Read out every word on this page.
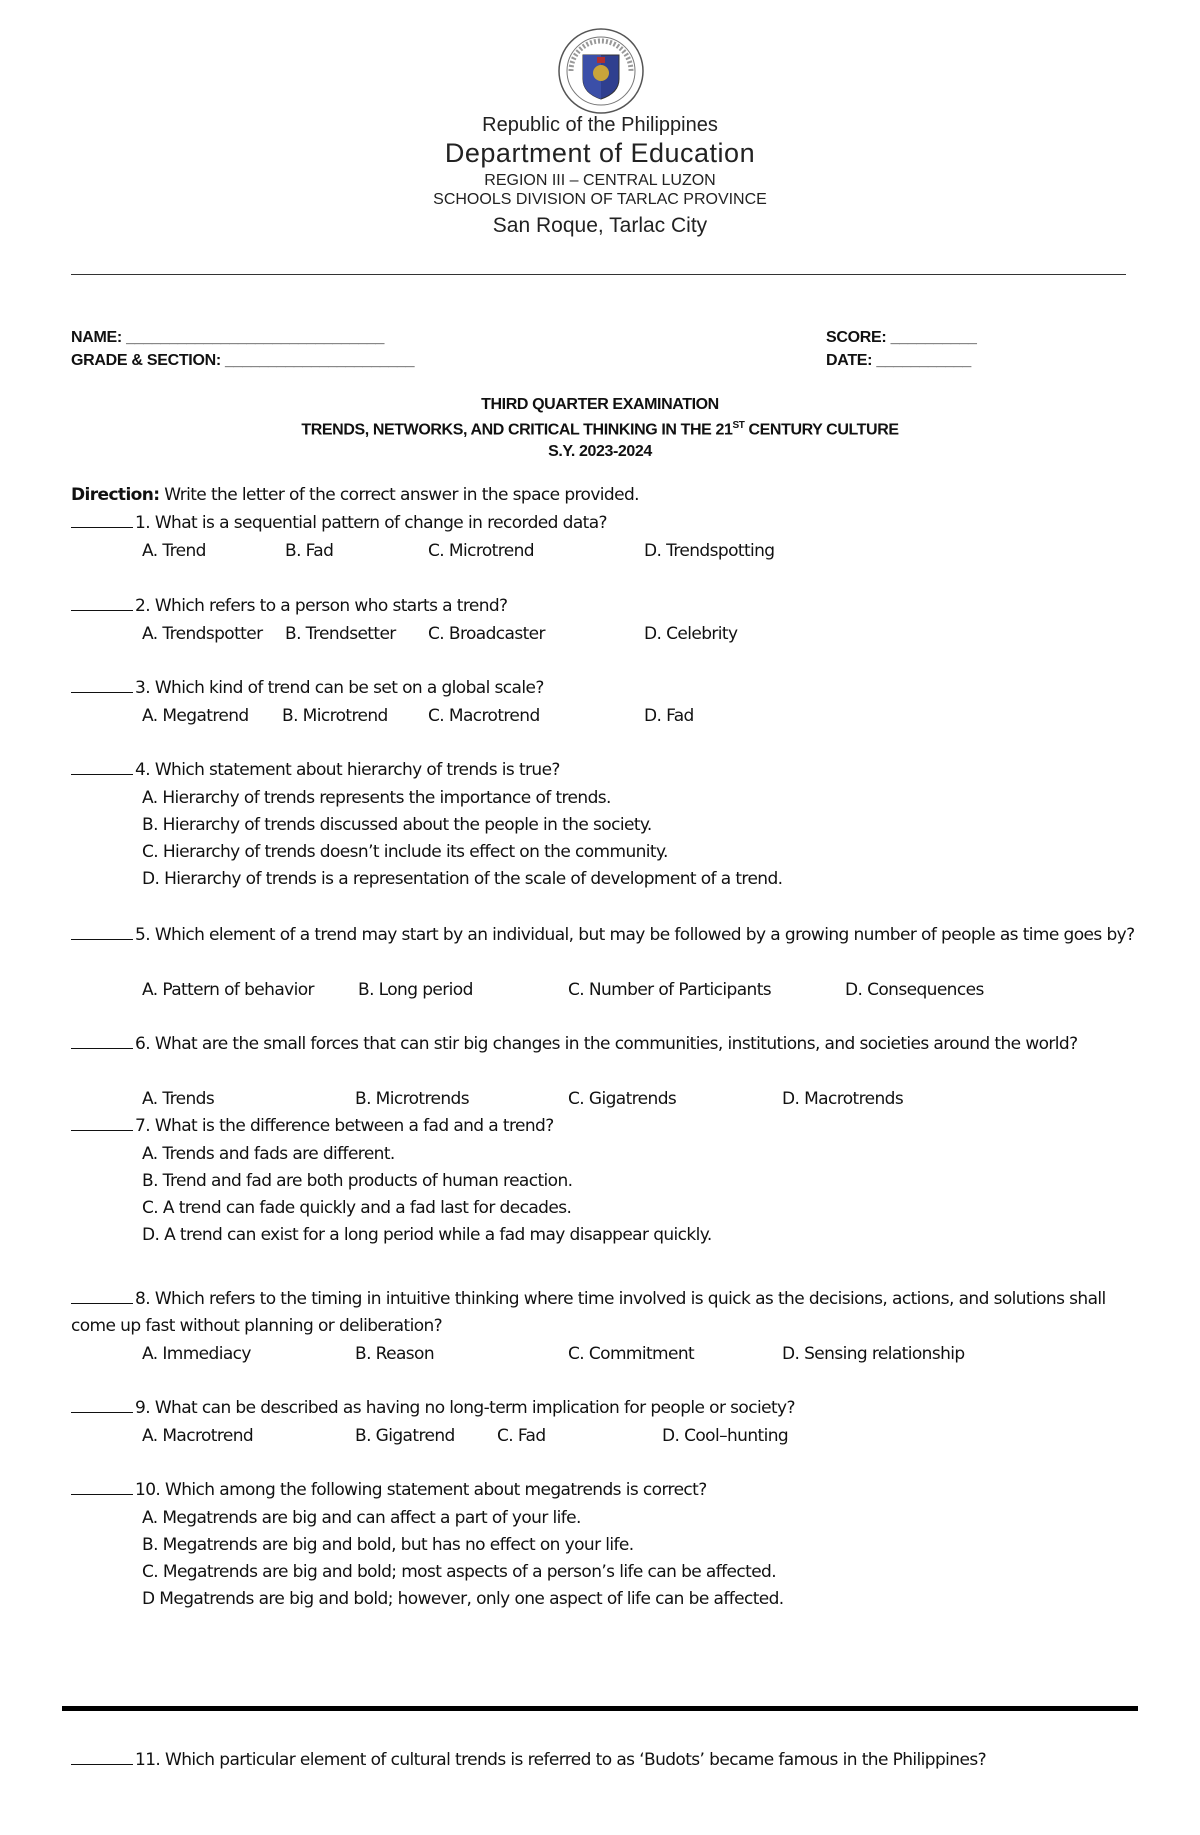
Republic of the Philippines
Department of Education
REGION III – CENTRAL LUZON
SCHOOLS DIVISION OF TARLAC PROVINCE
San Roque, Tarlac City
NAME: ______________________________
GRADE & SECTION: ______________________
SCORE: __________
DATE: ___________
THIRD QUARTER EXAMINATION
TRENDS, NETWORKS, AND CRITICAL THINKING IN THE 21ST CENTURY CULTURE
S.Y. 2023-2024
Direction: Write the letter of the correct answer in the space provided.
1. What is a sequential pattern of change in recorded data?
A. Trend	B. Fad	C. Microtrend	D. Trendspotting
2. Which refers to a person who starts a trend?
A. Trendspotter B. Trendsetter C. Broadcaster	D. Celebrity
3. Which kind of trend can be set on a global scale?
A. Megatrend B. Microtrend C. Macrotrend	D. Fad
4. Which statement about hierarchy of trends is true?
A. Hierarchy of trends represents the importance of trends.
B. Hierarchy of trends discussed about the people in the society.
C. Hierarchy of trends doesn’t include its effect on the community.
D. Hierarchy of trends is a representation of the scale of development of a trend.
5. Which element of a trend may start by an individual, but may be followed by a growing number of people as time goes by?
A. Pattern of behavior	B. Long period	C. Number of Participants	D. Consequences
6. What are the small forces that can stir big changes in the communities, institutions, and societies around the world?
A. Trends	B. Microtrends	C. Gigatrends	D. Macrotrends
7. What is the difference between a fad and a trend?
A. Trends and fads are different.
B. Trend and fad are both products of human reaction.
C. A trend can fade quickly and a fad last for decades.
D. A trend can exist for a long period while a fad may disappear quickly.
8. Which refers to the timing in intuitive thinking where time involved is quick as the decisions, actions, and solutions shall come up fast without planning or deliberation?
A. Immediacy	B. Reason	C. Commitment	D. Sensing relationship
9. What can be described as having no long-term implication for people or society?
A. Macrotrend	B. Gigatrend C. Fad	D. Cool–hunting
10. Which among the following statement about megatrends is correct?
A. Megatrends are big and can affect a part of your life.
B. Megatrends are big and bold, but has no effect on your life.
C. Megatrends are big and bold; most aspects of a person’s life can be affected.
D Megatrends are big and bold; however, only one aspect of life can be affected.
11. Which particular element of cultural trends is referred to as ‘Budots’ became famous in the Philippines?
